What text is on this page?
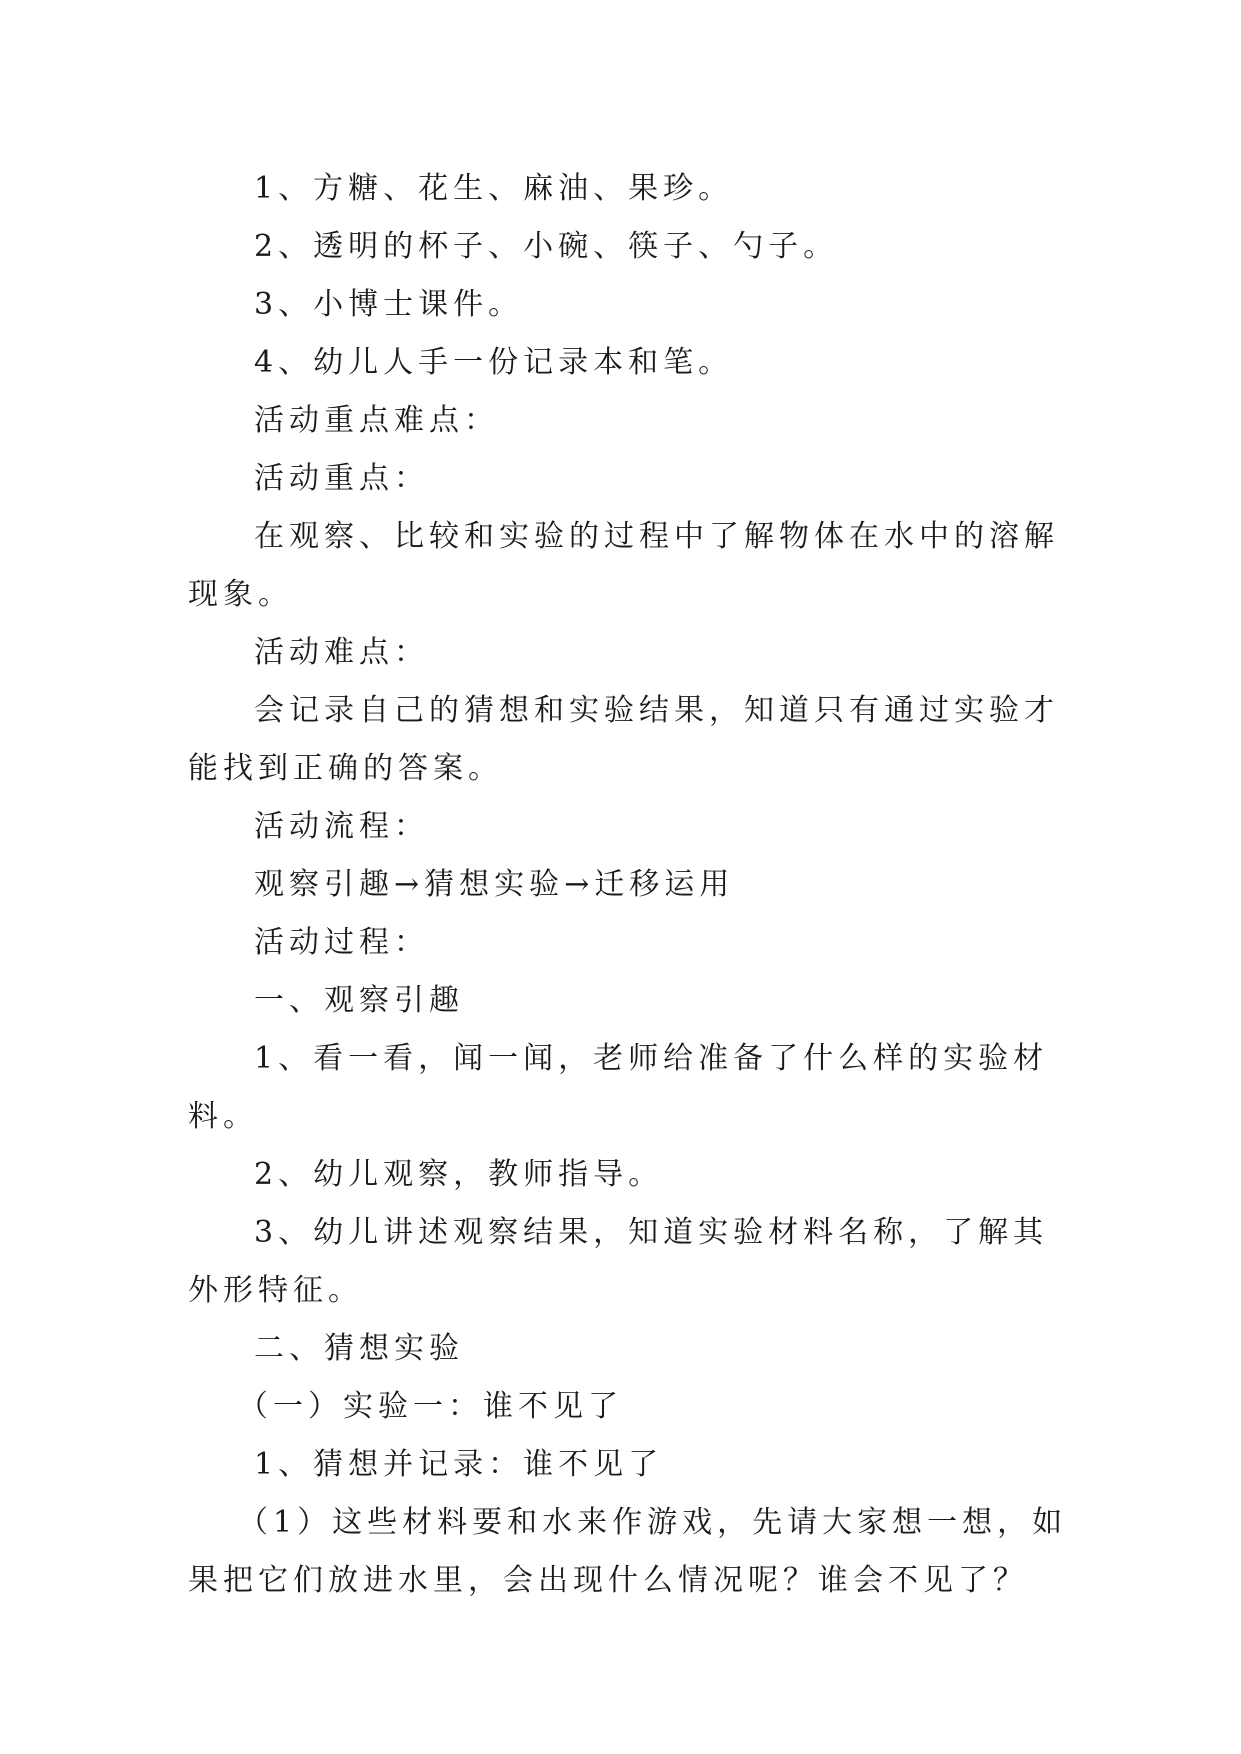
1、方糖、花生、麻油、果珍。

2、透明的杯子、小碗、筷子、勺子。

3、小博士课件。

4、幼儿人手一份记录本和笔。

活动重点难点：

活动重点：

在观察、比较和实验的过程中了解物体在水中的溶解现象。

活动难点：

会记录自己的猜想和实验结果，知道只有通过实验才能找到正确的答案。

活动流程：

观察引趣→猜想实验→迁移运用

活动过程：

一、观察引趣

1、看一看，闻一闻，老师给准备了什么样的实验材料。

2、幼儿观察，教师指导。

3、幼儿讲述观察结果，知道实验材料名称，了解其外形特征。

二、猜想实验

（一）实验一：谁不见了

1、猜想并记录：谁不见了

（1）这些材料要和水来作游戏，先请大家想一想，如果把它们放进水里，会出现什么情况呢？谁会不见了？
